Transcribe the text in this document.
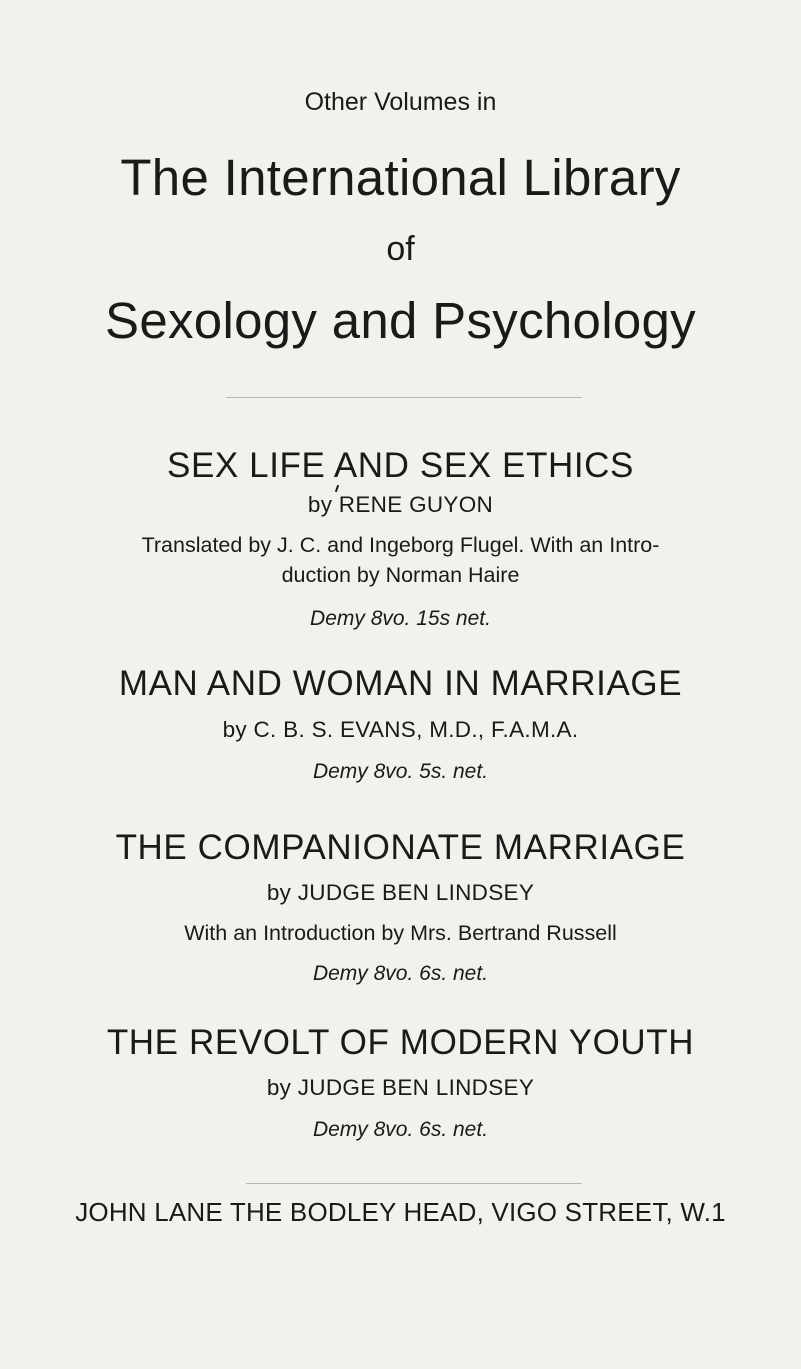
Other Volumes in
The International Library
of
Sexology and Psychology
SEX LIFE AND SEX ETHICS
by RENE GUYON
Translated by J. C. and Ingeborg Flugel. With an Intro-
duction by Norman Haire
Demy 8vo. 15s net.
MAN AND WOMAN IN MARRIAGE
by C. B. S. EVANS, M.D., F.A.M.A.
Demy 8vo. 5s. net.
THE COMPANIONATE MARRIAGE
by JUDGE BEN LINDSEY
With an Introduction by Mrs. Bertrand Russell
Demy 8vo. 6s. net.
THE REVOLT OF MODERN YOUTH
by JUDGE BEN LINDSEY
Demy 8vo. 6s. net.
JOHN LANE THE BODLEY HEAD, VIGO STREET, W.1
